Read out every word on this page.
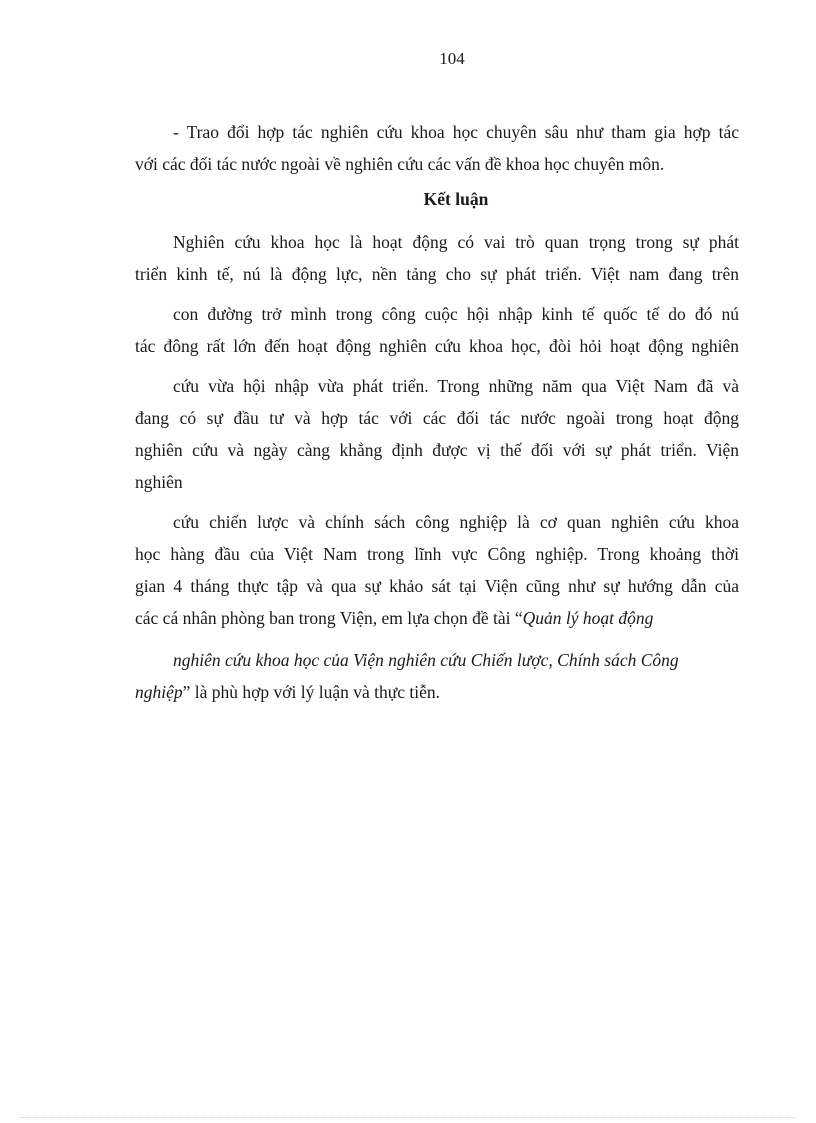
104
- Trao đổi hợp tác nghiên cứu khoa học chuyên sâu như tham gia hợp tác
với các đối tác nước ngoài về nghiên cứu các vấn đề khoa học chuyên môn.
Kết luận
Nghiên cứu khoa học là hoạt động có vai trò quan trọng trong sự phát
triển kinh tế, nú là động lực, nền tảng cho sự phát triển. Việt nam đang trên
con đường trở mình trong công cuộc hội nhập kinh tế quốc tế do đó nú
tác đông rất lớn đến hoạt động nghiên cứu khoa học, đòi hỏi hoạt động nghiên
cứu vừa hội nhập vừa phát triển. Trong những năm qua Việt Nam đã và
đang có sự đầu tư và hợp tác với các đối tác nước ngoài trong hoạt động
nghiên cứu và ngày càng khẳng định được vị thế đối với sự phát triển. Viện
nghiên
cứu chiến lược và chính sách công nghiệp là cơ quan nghiên cứu khoa
học hàng đầu của Việt Nam trong lĩnh vực Công nghiệp. Trong khoảng thời
gian 4 tháng thực tập và qua sự khảo sát tại Viện cũng như sự hướng dẫn của
các cá nhân phòng ban trong Viện, em lựa chọn đề tài “Quản lý hoạt động
nghiên cứu khoa học của Viện nghiên cứu Chiến lược, Chính sách Công
nghiệp” là phù hợp với lý luận và thực tiễn.
